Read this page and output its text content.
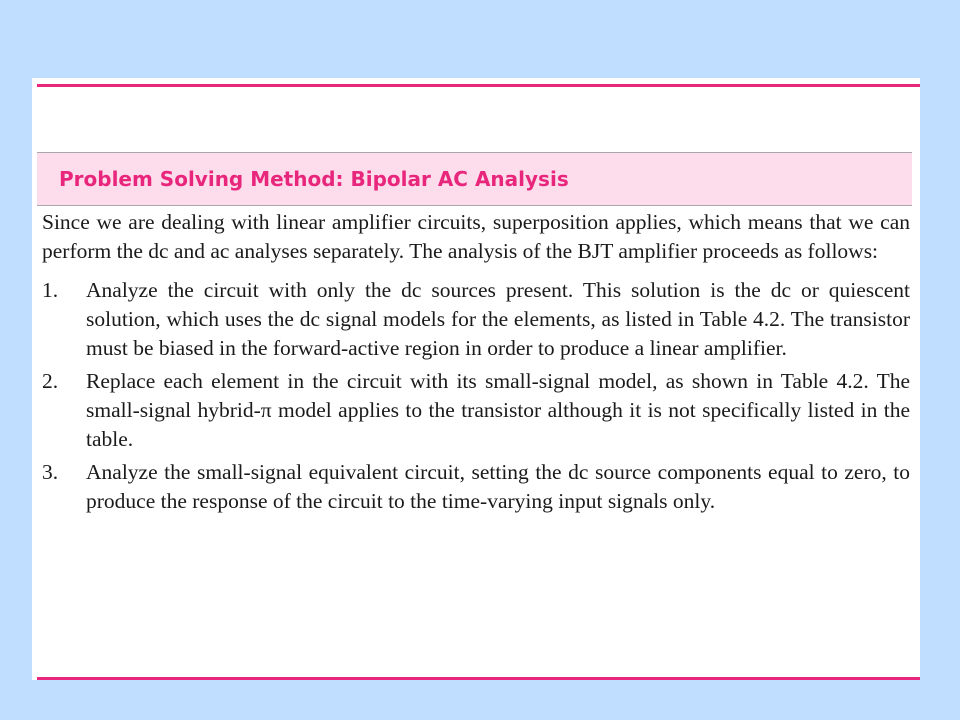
Problem Solving Method: Bipolar AC Analysis

Since we are dealing with linear amplifier circuits, superposition applies, which means that we can perform the dc and ac analyses separately. The analysis of the BJT amplifier proceeds as follows:

1. Analyze the circuit with only the dc sources present. This solution is the dc or quiescent solution, which uses the dc signal models for the elements, as listed in Table 4.2. The transistor must be biased in the forward-active region in order to produce a linear amplifier.
2. Replace each element in the circuit with its small-signal model, as shown in Table 4.2. The small-signal hybrid-π model applies to the transistor although it is not specifically listed in the table.
3. Analyze the small-signal equivalent circuit, setting the dc source components equal to zero, to produce the response of the circuit to the time-varying input signals only.
